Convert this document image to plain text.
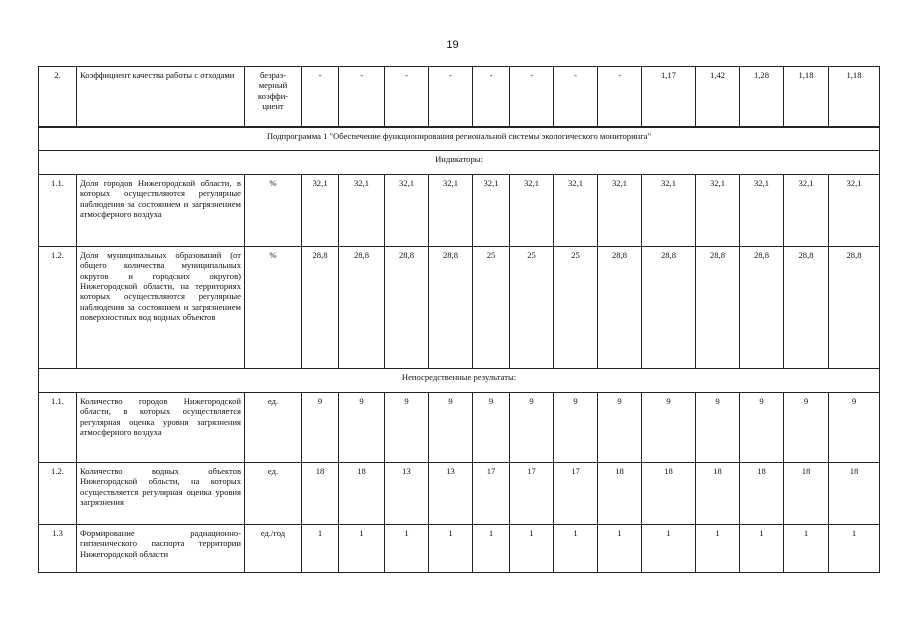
19
2.	Коэффициент качества работы с отходами	безраз-мерный коэффи-циент	-	-	-	-	-	-	-	-	1,17	1,42	1,28	1,18	1,18
Подпрограмма 1 "Обеспечение функционирования региональной системы экологического мониторинга"															
Индикаторы:															
1.1.	Доля городов Нижегородской области, в которых осуществляются регулярные наблюдения за состоянием и загрязнением атмосферного воздуха	%	32,1	32,1	32,1	32,1	32,1	32,1	32,1	32,1	32,1	32,1	32,1	32,1	32,1
1.2.	Доля муниципальных образований (от общего количества муниципальных округов и городских округов) Нижегородской области, на территориях которых осуществляются регулярные наблюдения за состоянием и загрязнением поверхностных вод водных объектов	%	28,8	28,8	28,8	28,8	25	25	25	28,8	28,8	28,8	28,8	28,8	28,8
Непосредственные результаты:															
1.1.	Количество городов Нижегородской области, в которых осуществляется регулярная оценка уровня загрязнения атмосферного воздуха	ед.	9	9	9	9	9	9	9	9	9	9	9	9	9
1.2.	Количество водных объектов Нижегородской обльсти, на которых осуществляется регулярная оценка уровня загрязнения	ед.	18	18	13	13	17	17	17	18	18	18	18	18	18
1.3	Формирование радиационно-гигиенического паспорта территории Нижегородской области	ед./год	1	1	1	1	1	1	1	1	1	1	1	1	1
